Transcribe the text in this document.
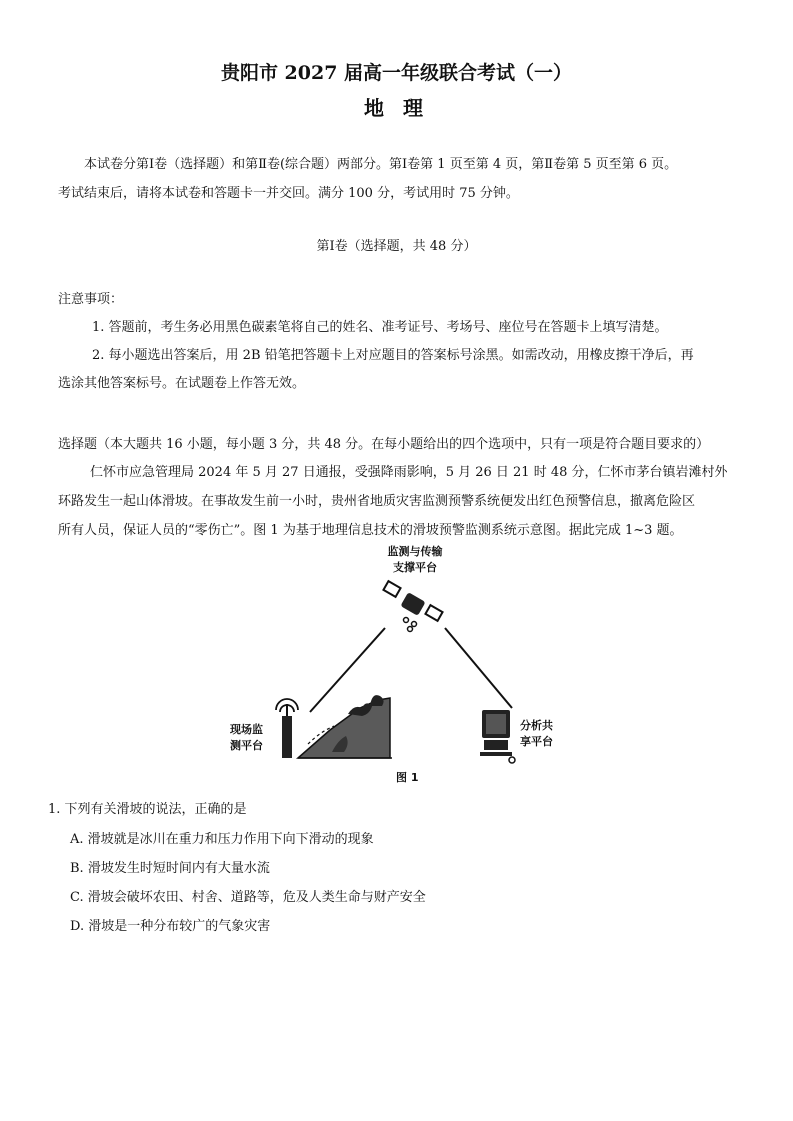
贵阳市 2027 届高一年级联合考试（一）
地 理
本试卷分第Ⅰ卷（选择题）和第Ⅱ卷(综合题）两部分。第Ⅰ卷第 1 页至第 4 页，第Ⅱ卷第 5 页至第 6 页。
考试结束后，请将本试卷和答题卡一并交回。满分 100 分，考试用时 75 分钟。
第Ⅰ卷（选择题，共 48 分）
注意事项：
1. 答题前，考生务必用黑色碳素笔将自己的姓名、准考证号、考场号、座位号在答题卡上填写清楚。
2. 每小题选出答案后，用 2B 铅笔把答题卡上对应题目的答案标号涂黑。如需改动，用橡皮擦干净后，再
选涂其他答案标号。在试题卷上作答无效。
选择题（本大题共 16 小题，每小题 3 分，共 48 分。在每小题给出的四个选项中，只有一项是符合题目要求的）
仁怀市应急管理局 2024 年 5 月 27 日通报，受强降雨影响，5 月 26 日 21 时 48 分，仁怀市茅台镇岩滩村外
环路发生一起山体滑坡。在事故发生前一小时，贵州省地质灾害监测预警系统便发出红色预警信息，撤离危险区
所有人员，保证人员的“零伤亡”。图 1 为基于地理信息技术的滑坡预警监测系统示意图。据此完成 1~3 题。
监测与传输
支撑平台
现场监
测平台
分析共
享平台
图 1
1. 下列有关滑坡的说法，正确的是
A. 滑坡就是冰川在重力和压力作用下向下滑动的现象
B. 滑坡发生时短时间内有大量水流
C. 滑坡会破坏农田、村舍、道路等，危及人类生命与财产安全
D. 滑坡是一种分布较广的气象灾害
